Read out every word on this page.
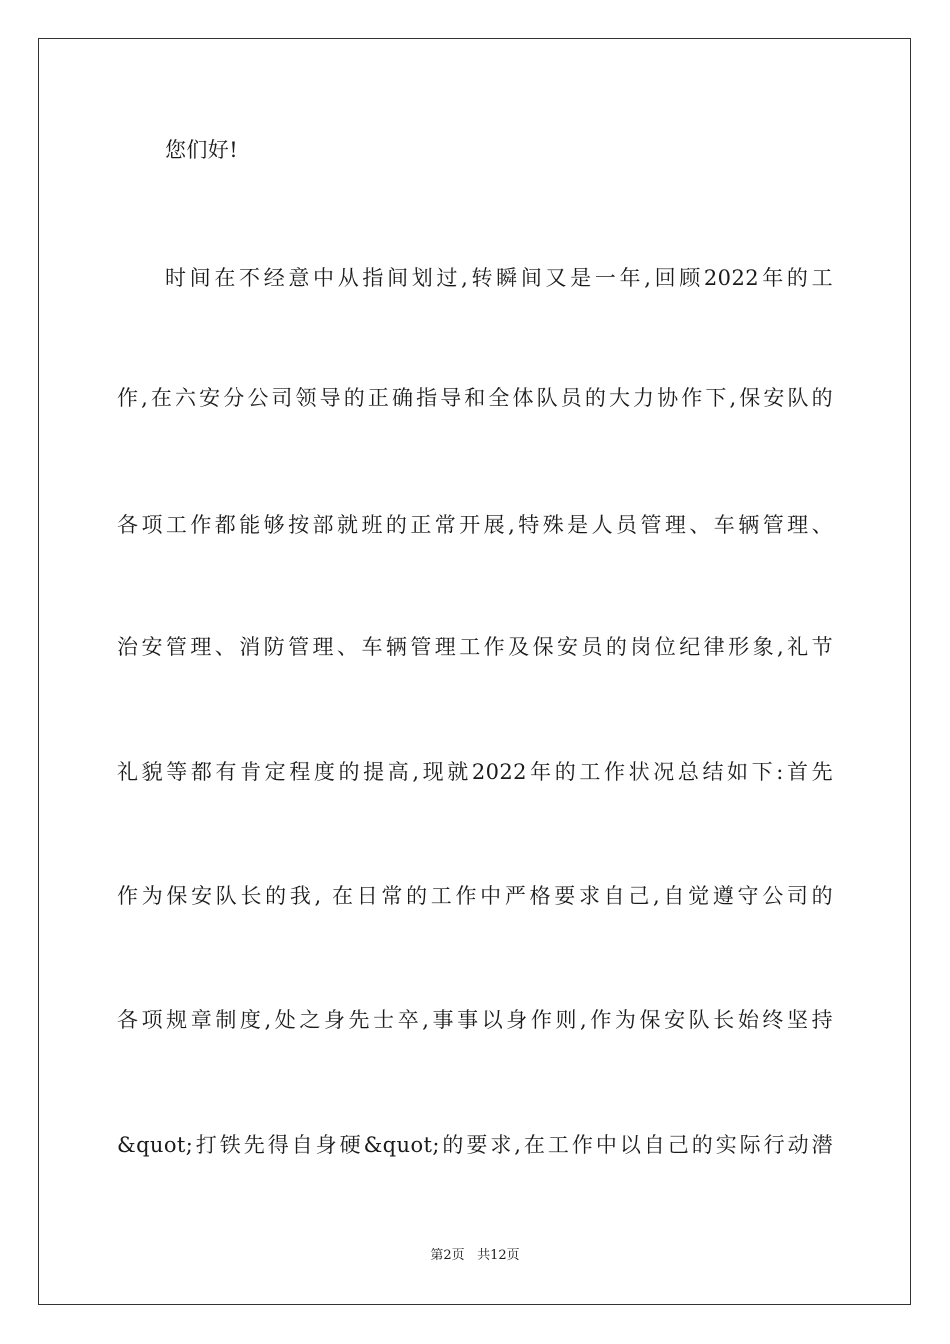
您们好!
时间在不经意中从指间划过,转瞬间又是一年,回顾2022年的工
作,在六安分公司领导的正确指导和全体队员的大力协作下,保安队的
各项工作都能够按部就班的正常开展,特殊是人员管理、车辆管理、
治安管理、消防管理、车辆管理工作及保安员的岗位纪律形象,礼节
礼貌等都有肯定程度的提高,现就2022年的工作状况总结如下:首先
作为保安队长的我, 在日常的工作中严格要求自己,自觉遵守公司的
各项规章制度,处之身先士卒,事事以身作则,作为保安队长始终坚持
&quot;打铁先得自身硬&quot;的要求,在工作中以自己的实际行动潜
第2页 共12页
